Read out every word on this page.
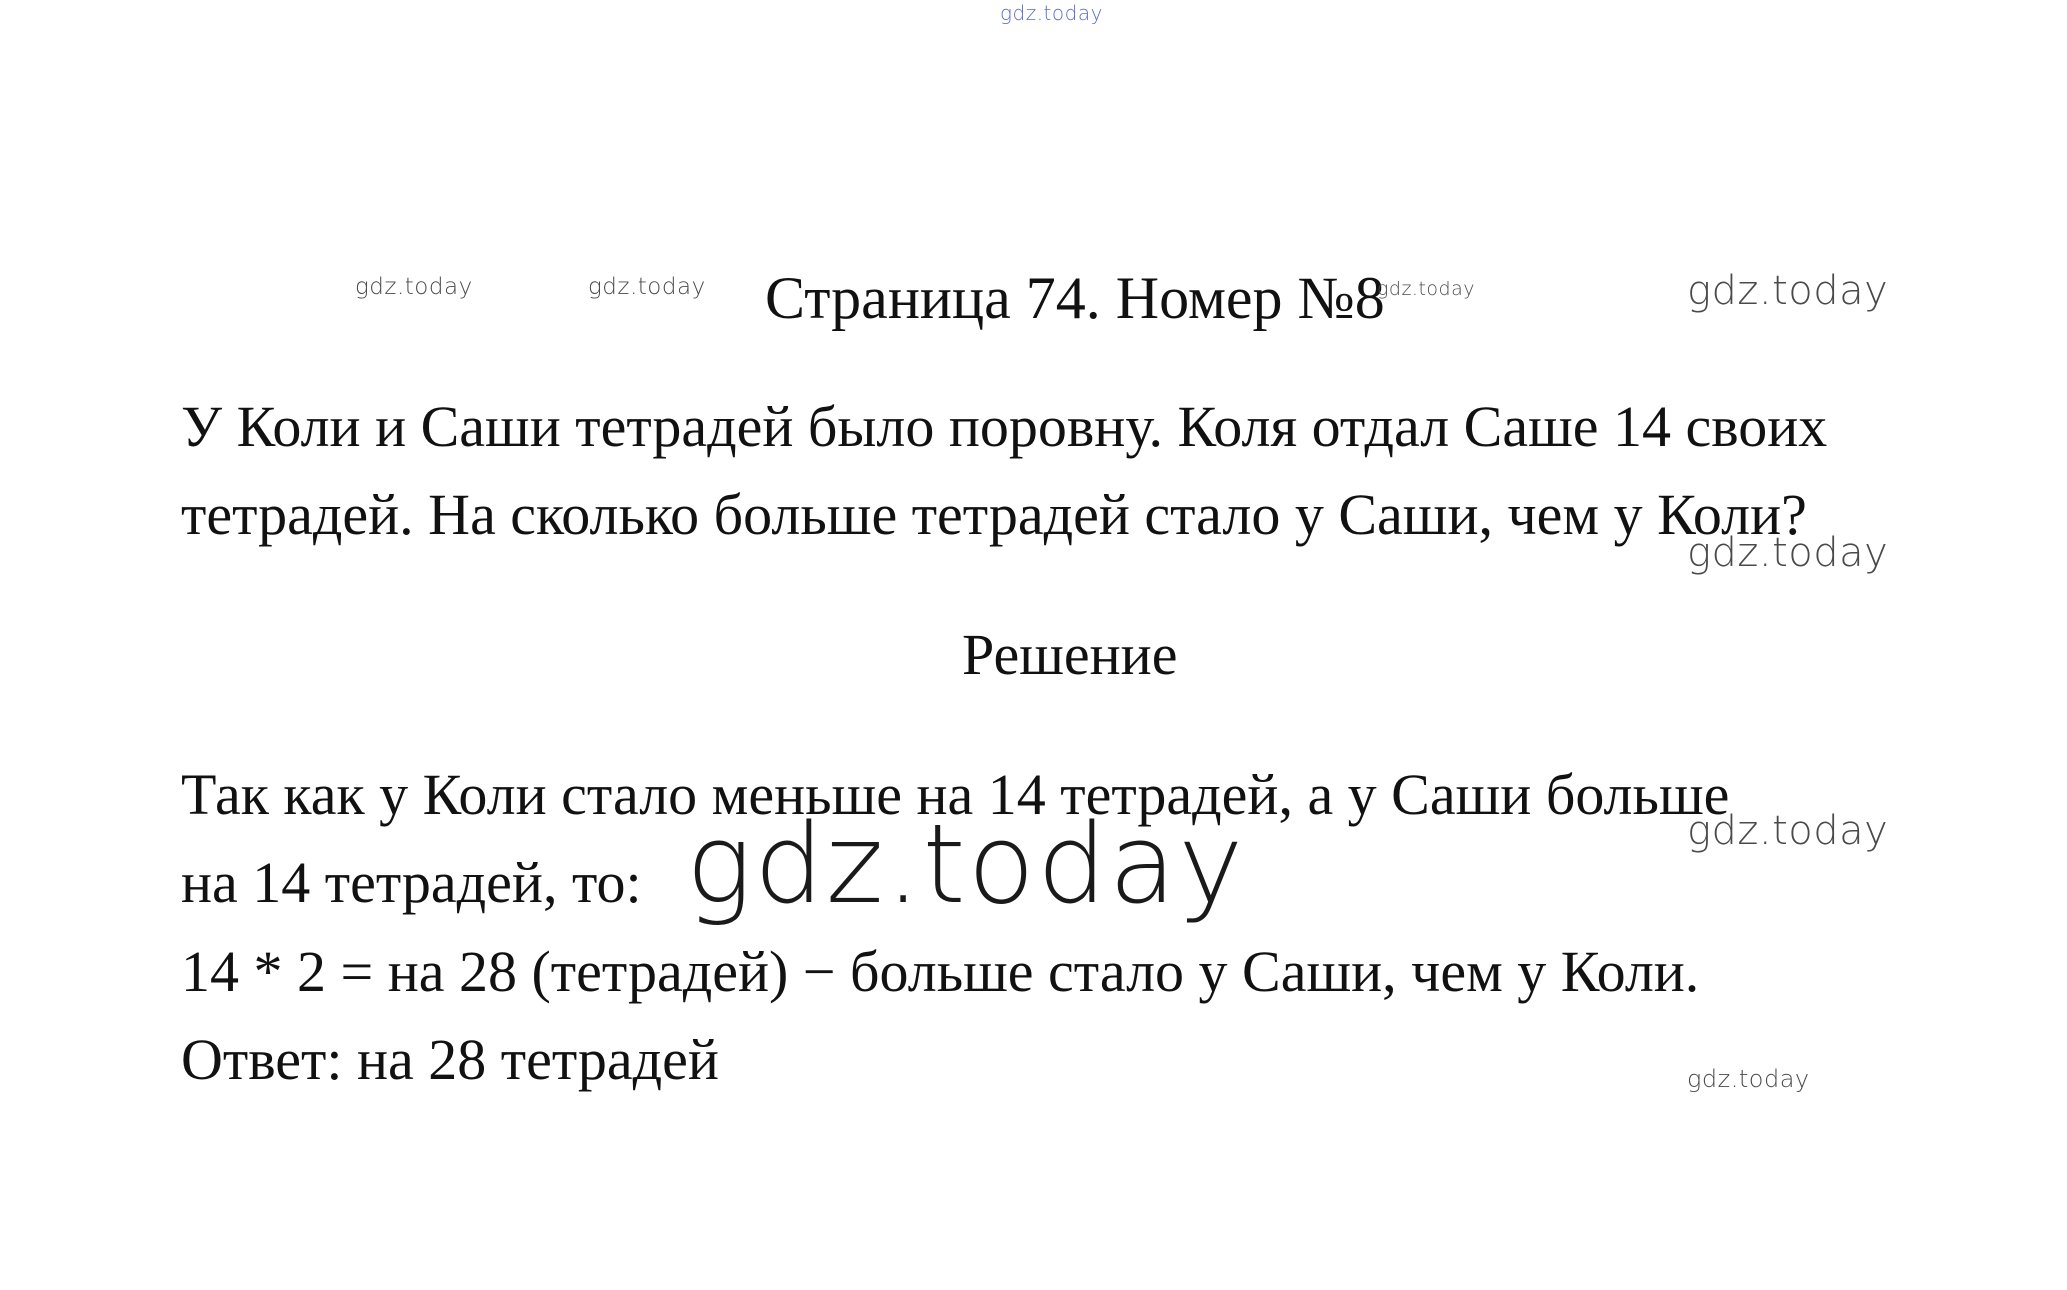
gdz.today
gdz.today	gdz.today Страница 74. Номер №8
gdz.today	gdz.today
У Коли и Саши тетрадей было поровну. Коля отдал Саше 14 своих
тетрадей. На сколько больше тетрадей стало у Саши, чем у Коли?
gdz.today
Решение
Так как у Коли стало меньше на 14 тетрадей, а у Саши больше
gdz.today
на 14 тетрадей, то: gdz.today
14 * 2 = на 28 (тетрадей) − больше стало у Саши, чем у Коли.
Ответ: на 28 тетрадей	gdz.today
